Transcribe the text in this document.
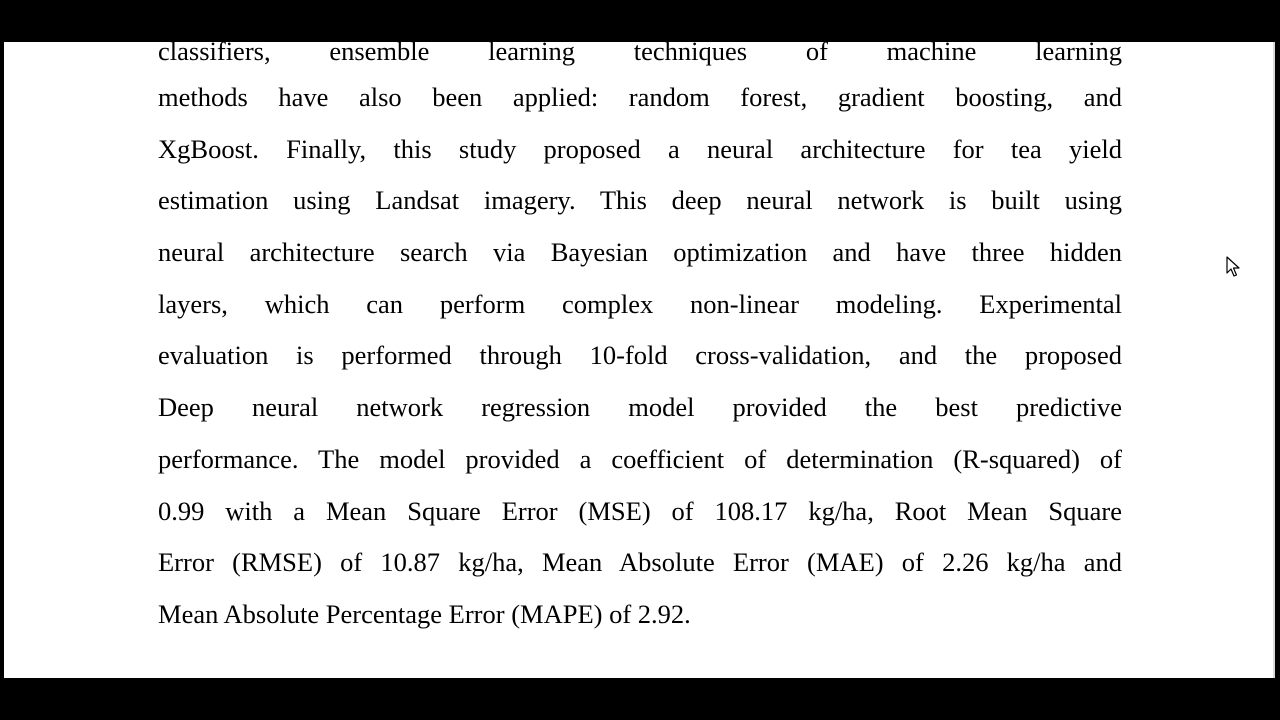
classifiers, ensemble learning techniques of machine learning
methods have also been applied: random forest, gradient boosting, and
XgBoost. Finally, this study proposed a neural architecture for tea yield
estimation using Landsat imagery. This deep neural network is built using
neural architecture search via Bayesian optimization and have three hidden
layers, which can perform complex non-linear modeling. Experimental
evaluation is performed through 10-fold cross-validation, and the proposed
Deep neural network regression model provided the best predictive
performance. The model provided a coefficient of determination (R-squared) of
0.99 with a Mean Square Error (MSE) of 108.17 kg/ha, Root Mean Square
Error (RMSE) of 10.87 kg/ha, Mean Absolute Error (MAE) of 2.26 kg/ha and
Mean Absolute Percentage Error (MAPE) of 2.92.
